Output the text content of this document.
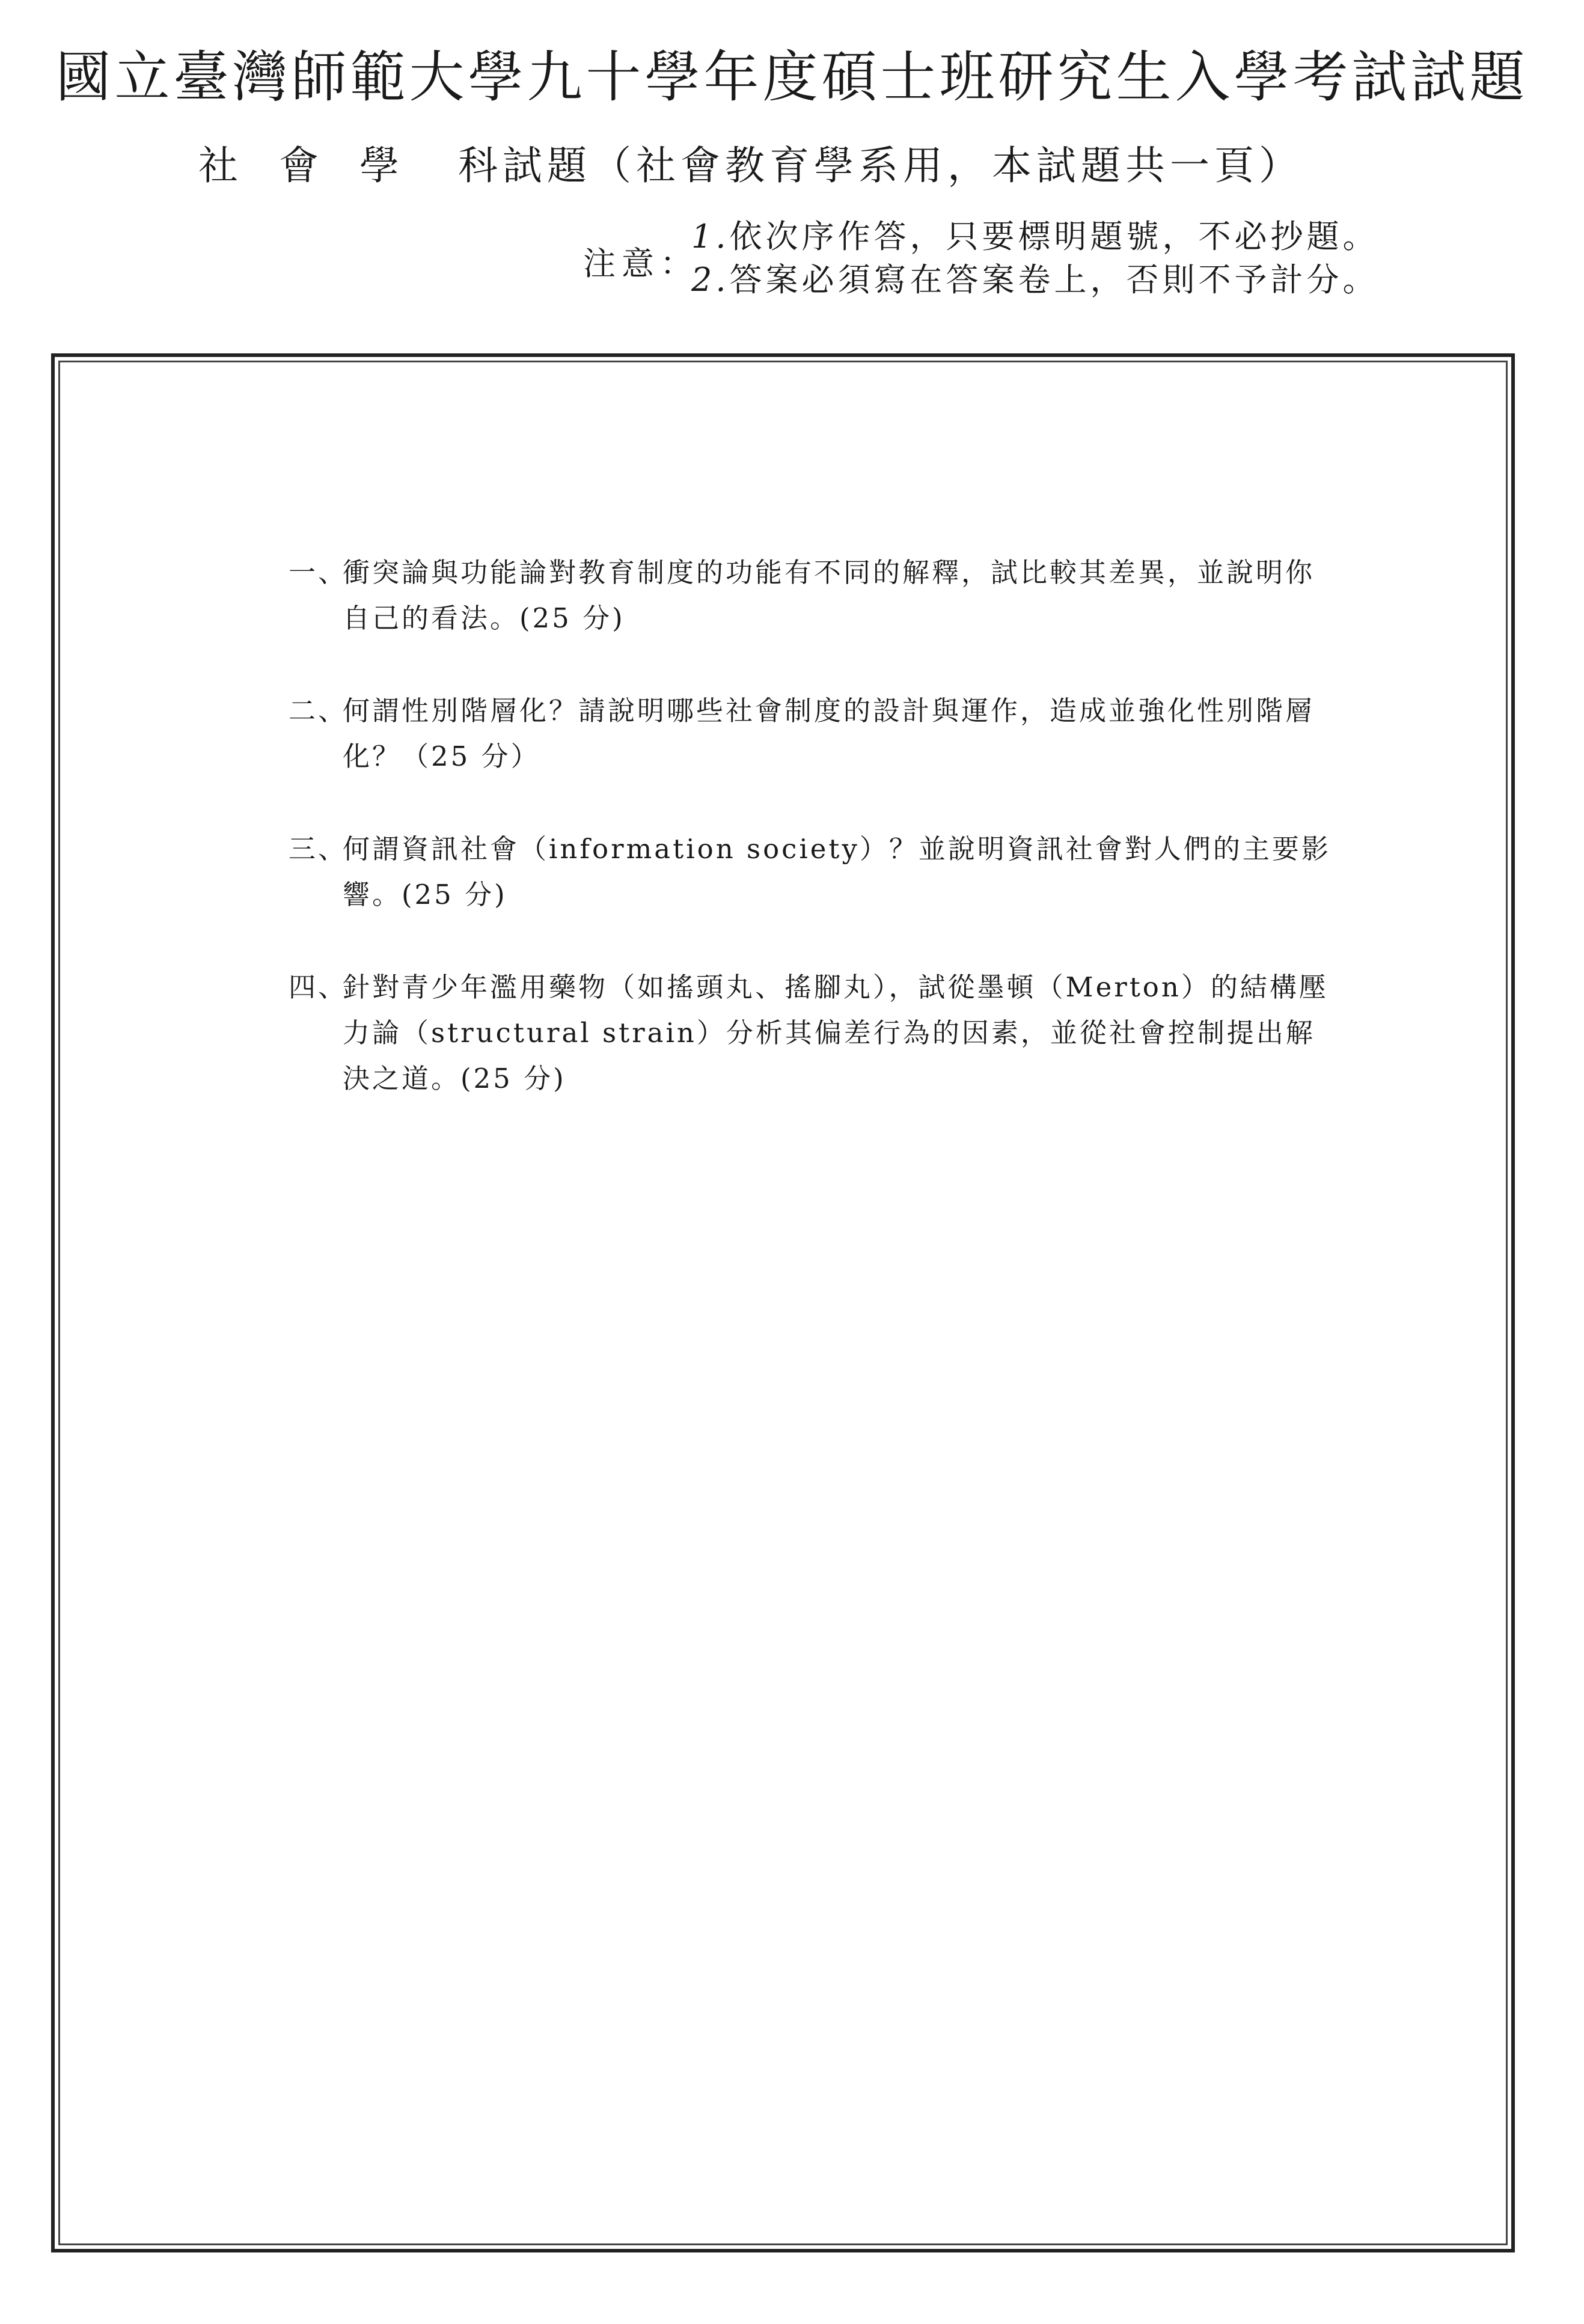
國立臺灣師範大學九十學年度碩士班研究生入學考試試題
社會學 科試題（社會教育學系用，本試題共一頁）
注意：
1.依次序作答，只要標明題號，不必抄題。
2.答案必須寫在答案卷上，否則不予計分。
一、
衝突論與功能論對教育制度的功能有不同的解釋，試比較其差異，並說明你
自己的看法。(25 分)
二、
何謂性別階層化？請說明哪些社會制度的設計與運作，造成並強化性別階層
化？（25 分）
三、
何謂資訊社會（information society）？並說明資訊社會對人們的主要影
響。(25 分)
四、
針對青少年濫用藥物（如搖頭丸、搖腳丸），試從墨頓（Merton）的結構壓
力論（structural strain）分析其偏差行為的因素，並從社會控制提出解
決之道。(25 分)
